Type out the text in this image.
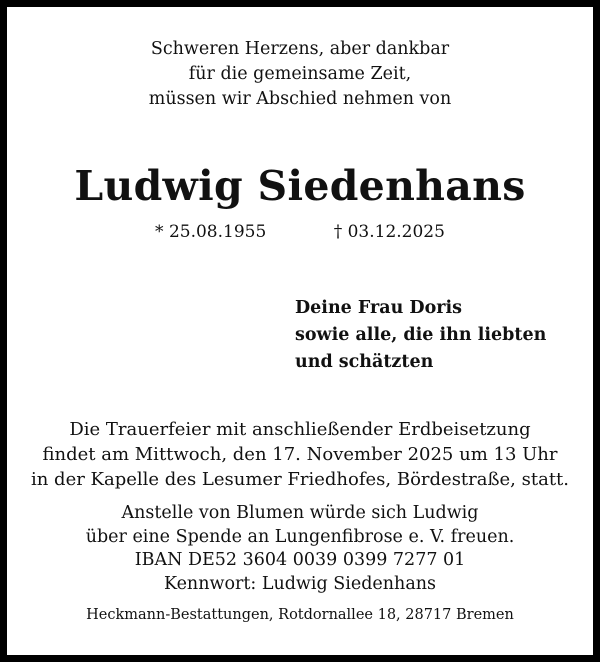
Schweren Herzens, aber dankbar
für die gemeinsame Zeit,
müssen wir Abschied nehmen von
Ludwig Siedenhans
* 25.08.1955	† 03.12.2025
Deine Frau Doris
sowie alle, die ihn liebten
und schätzten
Die Trauerfeier mit anschließender Erdbeisetzung
findet am Mittwoch, den 17. November 2025 um 13 Uhr
in der Kapelle des Lesumer Friedhofes, Bördestraße, statt.
Anstelle von Blumen würde sich Ludwig
über eine Spende an Lungenfibrose e. V. freuen.
IBAN DE52 3604 0039 0399 7277 01
Kennwort: Ludwig Siedenhans
Heckmann-Bestattungen, Rotdornallee 18, 28717 Bremen
